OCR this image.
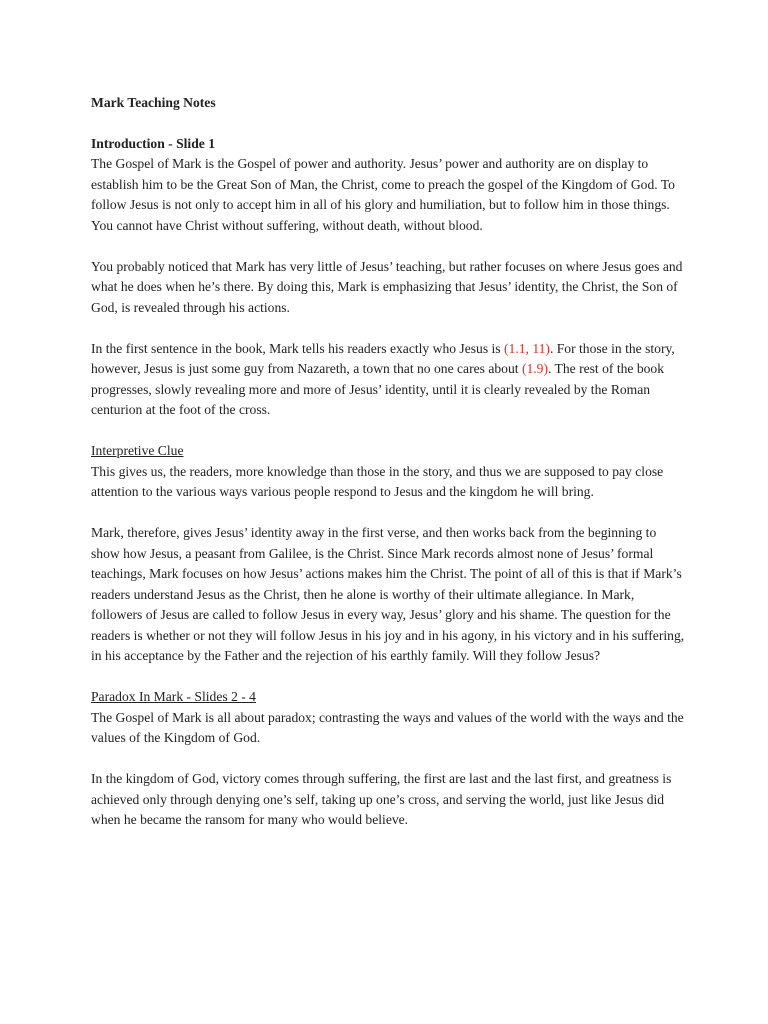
Mark Teaching Notes
Introduction - Slide 1

The Gospel of Mark is the Gospel of power and authority. Jesus’ power and authority are on display to establish him to be the Great Son of Man, the Christ, come to preach the gospel of the Kingdom of God. To follow Jesus is not only to accept him in all of his glory and humiliation, but to follow him in those things. You cannot have Christ without suffering, without death, without blood.

You probably noticed that Mark has very little of Jesus’ teaching, but rather focuses on where Jesus goes and what he does when he’s there. By doing this, Mark is emphasizing that Jesus’ identity, the Christ, the Son of God, is revealed through his actions.

In the first sentence in the book, Mark tells his readers exactly who Jesus is (1.1, 11). For those in the story, however, Jesus is just some guy from Nazareth, a town that no one cares about (1.9). The rest of the book progresses, slowly revealing more and more of Jesus’ identity, until it is clearly revealed by the Roman centurion at the foot of the cross.

Interpretive Clue

This gives us, the readers, more knowledge than those in the story, and thus we are supposed to pay close attention to the various ways various people respond to Jesus and the kingdom he will bring.

Mark, therefore, gives Jesus’ identity away in the first verse, and then works back from the beginning to show how Jesus, a peasant from Galilee, is the Christ. Since Mark records almost none of Jesus’ formal teachings, Mark focuses on how Jesus’ actions makes him the Christ. The point of all of this is that if Mark’s readers understand Jesus as the Christ, then he alone is worthy of their ultimate allegiance. In Mark, followers of Jesus are called to follow Jesus in every way, Jesus’ glory and his shame. The question for the readers is whether or not they will follow Jesus in his joy and in his agony, in his victory and in his suffering, in his acceptance by the Father and the rejection of his earthly family. Will they follow Jesus?

Paradox In Mark - Slides 2 - 4

The Gospel of Mark is all about paradox; contrasting the ways and values of the world with the ways and the values of the Kingdom of God.

In the kingdom of God, victory comes through suffering, the first are last and the last first, and greatness is achieved only through denying one’s self, taking up one’s cross, and serving the world, just like Jesus did when he became the ransom for many who would believe.
